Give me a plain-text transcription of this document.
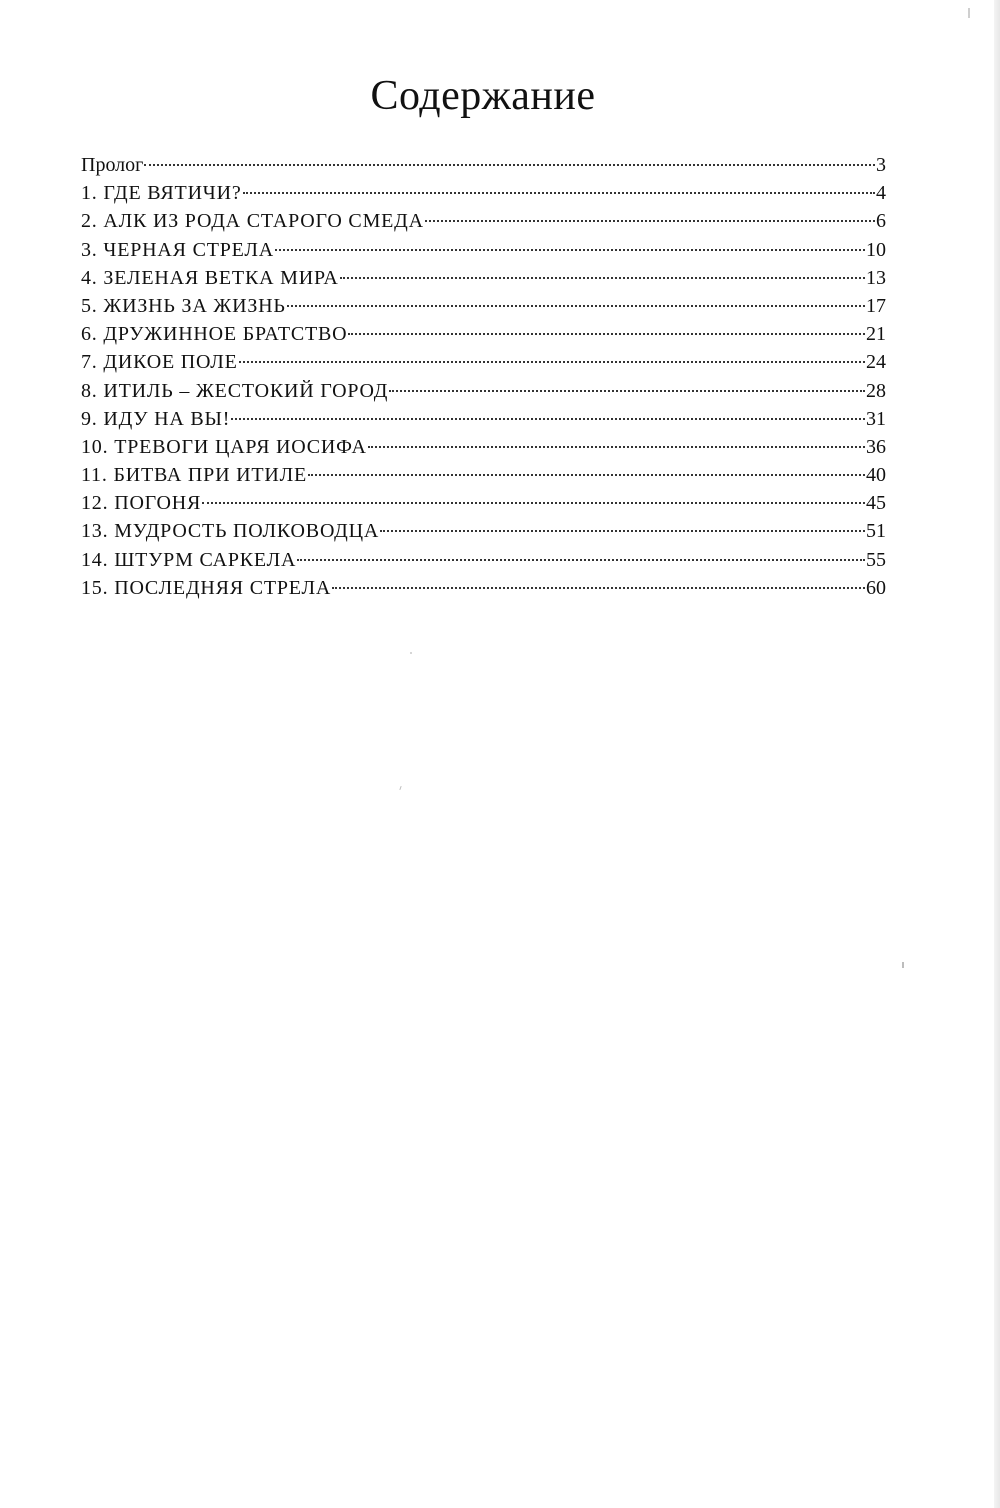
Содержание
Пролог	3
1. ГДЕ ВЯТИЧИ?	4
2. АЛК ИЗ РОДА СТАРОГО СМЕДА	6
3. ЧЕРНАЯ СТРЕЛА	10
4. ЗЕЛЕНАЯ ВЕТКА МИРА	13
5. ЖИЗНЬ ЗА ЖИЗНЬ	17
6. ДРУЖИННОЕ БРАТСТВО	21
7. ДИКОЕ ПОЛЕ	24
8. ИТИЛЬ – ЖЕСТОКИЙ ГОРОД	28
9. ИДУ НА ВЫ!	31
10. ТРЕВОГИ ЦАРЯ ИОСИФА	36
11. БИТВА ПРИ ИТИЛЕ	40
12. ПОГОНЯ	45
13. МУДРОСТЬ ПОЛКОВОДЦА	51
14. ШТУРМ САРКЕЛА	55
15. ПОСЛЕДНЯЯ СТРЕЛА	60
